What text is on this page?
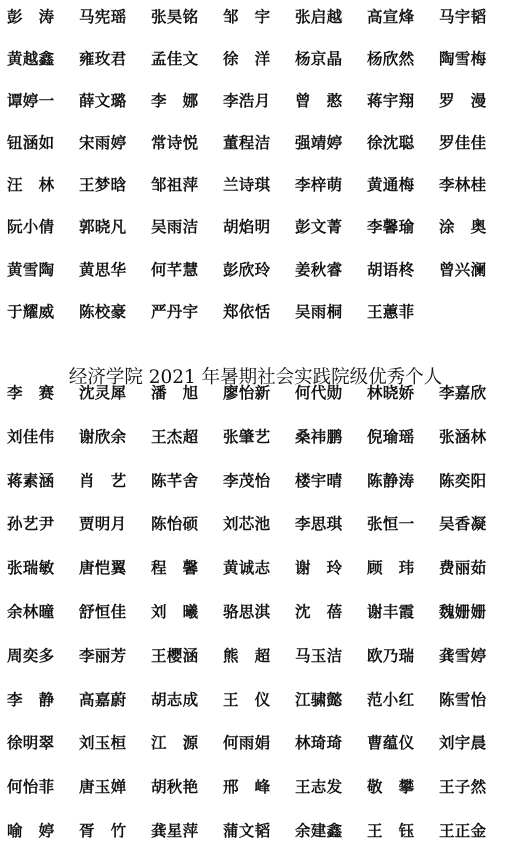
彭　涛	马宪瑶	张昊铭	邹　宇	张启越	高宣烽	马宇韬
黄越鑫	雍玫君	孟佳文	徐　洋	杨京晶	杨欣然	陶雪梅
谭婷一	薛文璐	李　娜	李浩月	曾　憨	蒋宇翔	罗　漫
钮涵如	宋雨婷	常诗悦	董程洁	强靖婷	徐沈聪	罗佳佳
汪　林	王梦晗	邹祖萍	兰诗琪	李梓萌	黄通梅	李林桂
阮小倩	郭晓凡	吴雨洁	胡焰明	彭文菁	李馨瑜	涂　奥
黄雪陶	黄思华	何芊慧	彭欣玲	姜秋睿	胡语柊	曾兴澜
于耀威	陈校豪	严丹宇	郑依恬	吴雨桐	王蕙菲
经济学院 2021 年暑期社会实践院级优秀个人
李　赛	沈灵犀	潘　旭	廖怡新	何代勋	林晓娇	李嘉欣
刘佳伟	谢欣余	王杰超	张肇艺	桑祎鹏	倪瑜瑶	张涵林
蒋素涵	肖　艺	陈芊舍	李茂怡	楼宇晴	陈静涛	陈奕阳
孙艺尹	贾明月	陈怡硕	刘芯池	李思琪	张恒一	吴香凝
张瑞敏	唐恺翼	程　馨	黄诚志	谢　玲	顾　玮	费丽茹
余林曈	舒恒佳	刘　曦	骆思淇	沈　蓓	谢丰霞	魏姗姗
周奕多	李丽芳	王樱涵	熊　超	马玉洁	欧乃瑞	龚雪婷
李　静	高嘉蔚	胡志成	王　仪	江骕懿	范小红	陈雪怡
徐明翠	刘玉桓	江　源	何雨娟	林琦琦	曹蕴仪	刘宇晨
何怡菲	唐玉婵	胡秋艳	邢　峰	王志发	敬　攀	王子然
喻　婷	胥　竹	龚星萍	蒲文韬	余建鑫	王　钰	王正金
